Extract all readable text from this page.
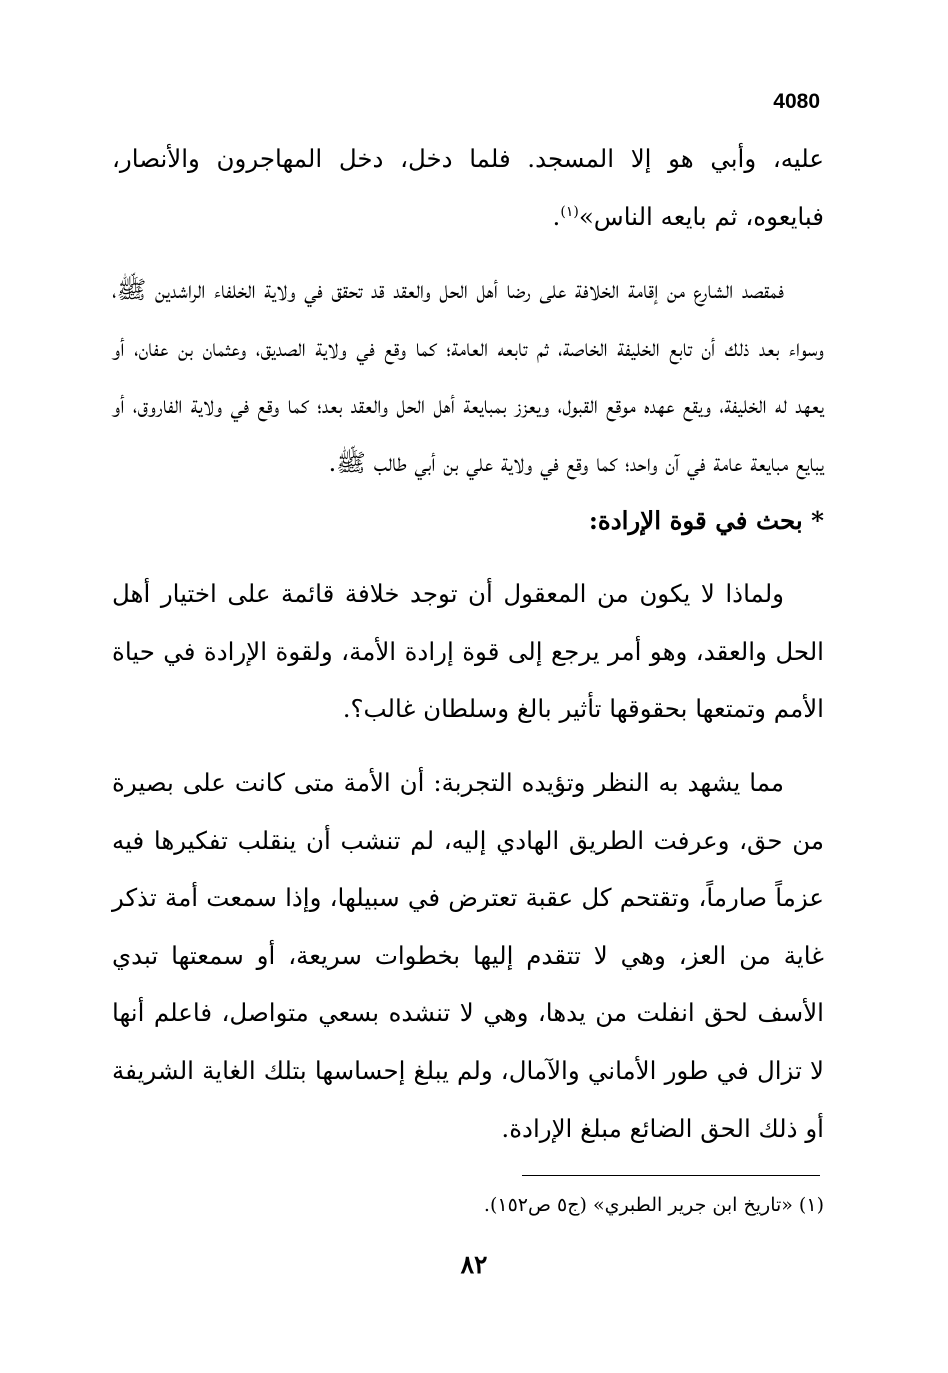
4080

عليه، وأبي هو إلا المسجد. فلما دخل، دخل المهاجرون والأنصار، فبايعوه، ثم بايعه الناس»$^{(١)}$.

فمقصد الشارع من إقامة الخلافة على رضا أهل الحل والعقد قد تحقق في ولاية الخلفاء الراشدين ﷺ، وسواء بعد ذلك أن تابع الخليفة الخاصة، ثم تابعه العامة؛ كما وقع في ولاية الصديق، وعثمان بن عفان، أو يعهد له الخليفة، ويقع عهده موقع القبول، ويعزز بمبايعة أهل الحل والعقد بعد؛ كما وقع في ولاية الفاروق، أو يبايع مبايعة عامة في آن واحد؛ كما وقع في ولاية علي بن أبي طالب ﷺ.

* بحث في قوة الإرادة:

ولماذا لا يكون من المعقول أن توجد خلافة قائمة على اختيار أهل الحل والعقد، وهو أمر يرجع إلى قوة إرادة الأمة، ولقوة الإرادة في حياة الأمم وتمتعها بحقوقها تأثير بالغ وسلطان غالب؟.

مما يشهد به النظر وتؤيده التجربة: أن الأمة متى كانت على بصيرة من حق، وعرفت الطريق الهادي إليه، لم تنشب أن ينقلب تفكيرها فيه عزماً صارماً، وتقتحم كل عقبة تعترض في سبيلها، وإذا سمعت أمة تذكر غاية من العز، وهي لا تتقدم إليها بخطوات سريعة، أو سمعتها تبدي الأسف لحق انفلت من يدها، وهي لا تنشده بسعي متواصل، فاعلم أنها لا تزال في طور الأماني والآمال، ولم يبلغ إحساسها بتلك الغاية الشريفة أو ذلك الحق الضائع مبلغ الإرادة.

(١) «تاريخ ابن جرير الطبري» (ج٥ ص١٥٢).
٨٢
